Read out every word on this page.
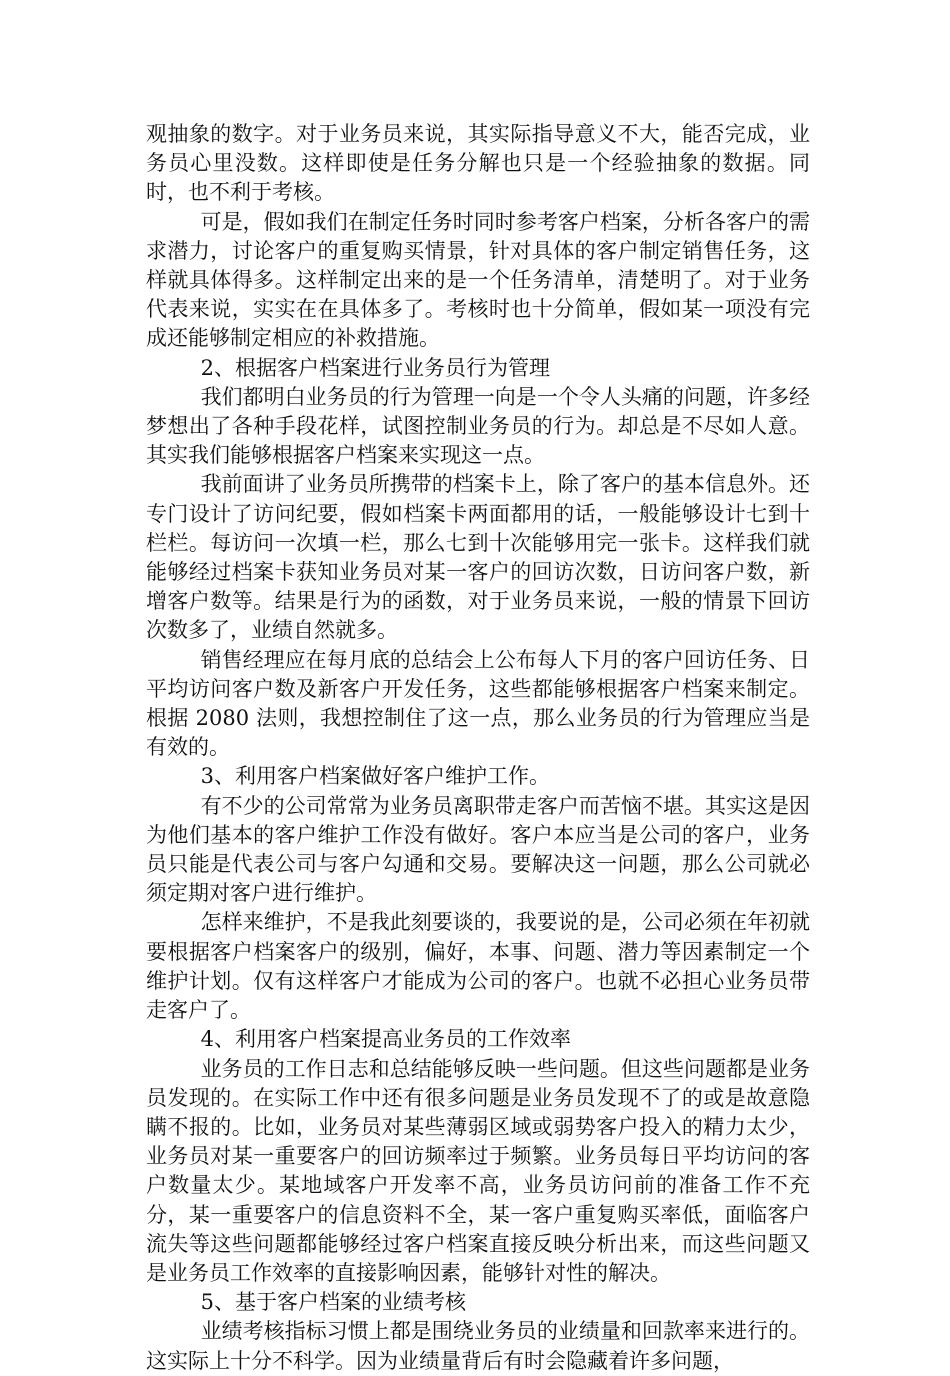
观抽象的数字。对于业务员来说，其实际指导意义不大，能否完成，业务员心里没数。这样即使是任务分解也只是一个经验抽象的数据。同时，也不利于考核。

可是，假如我们在制定任务时同时参考客户档案，分析各客户的需求潜力，讨论客户的重复购买情景，针对具体的客户制定销售任务，这样就具体得多。这样制定出来的是一个任务清单，清楚明了。对于业务代表来说，实实在在具体多了。考核时也十分简单，假如某一项没有完成还能够制定相应的补救措施。

2、根据客户档案进行业务员行为管理

我们都明白业务员的行为管理一向是一个令人头痛的问题，许多经梦想出了各种手段花样，试图控制业务员的行为。却总是不尽如人意。其实我们能够根据客户档案来实现这一点。

我前面讲了业务员所携带的档案卡上，除了客户的基本信息外。还专门设计了访问纪要，假如档案卡两面都用的话，一般能够设计七到十栏栏。每访问一次填一栏，那么七到十次能够用完一张卡。这样我们就能够经过档案卡获知业务员对某一客户的回访次数，日访问客户数，新增客户数等。结果是行为的函数，对于业务员来说，一般的情景下回访次数多了，业绩自然就多。

销售经理应在每月底的总结会上公布每人下月的客户回访任务、日平均访问客户数及新客户开发任务，这些都能够根据客户档案来制定。根据 2080 法则，我想控制住了这一点，那么业务员的行为管理应当是有效的。

3、利用客户档案做好客户维护工作。

有不少的公司常常为业务员离职带走客户而苦恼不堪。其实这是因为他们基本的客户维护工作没有做好。客户本应当是公司的客户，业务员只能是代表公司与客户勾通和交易。要解决这一问题，那么公司就必须定期对客户进行维护。

怎样来维护，不是我此刻要谈的，我要说的是，公司必须在年初就要根据客户档案客户的级别，偏好，本事、问题、潜力等因素制定一个维护计划。仅有这样客户才能成为公司的客户。也就不必担心业务员带走客户了。

4、利用客户档案提高业务员的工作效率

业务员的工作日志和总结能够反映一些问题。但这些问题都是业务员发现的。在实际工作中还有很多问题是业务员发现不了的或是故意隐瞒不报的。比如，业务员对某些薄弱区域或弱势客户投入的精力太少，业务员对某一重要客户的回访频率过于频繁。业务员每日平均访问的客户数量太少。某地域客户开发率不高，业务员访问前的准备工作不充分，某一重要客户的信息资料不全，某一客户重复购买率低，面临客户流失等这些问题都能够经过客户档案直接反映分析出来，而这些问题又是业务员工作效率的直接影响因素，能够针对性的解决。

5、基于客户档案的业绩考核

业绩考核指标习惯上都是围绕业务员的业绩量和回款率来进行的。这实际上十分不科学。因为业绩量背后有时会隐藏着许多问题，
